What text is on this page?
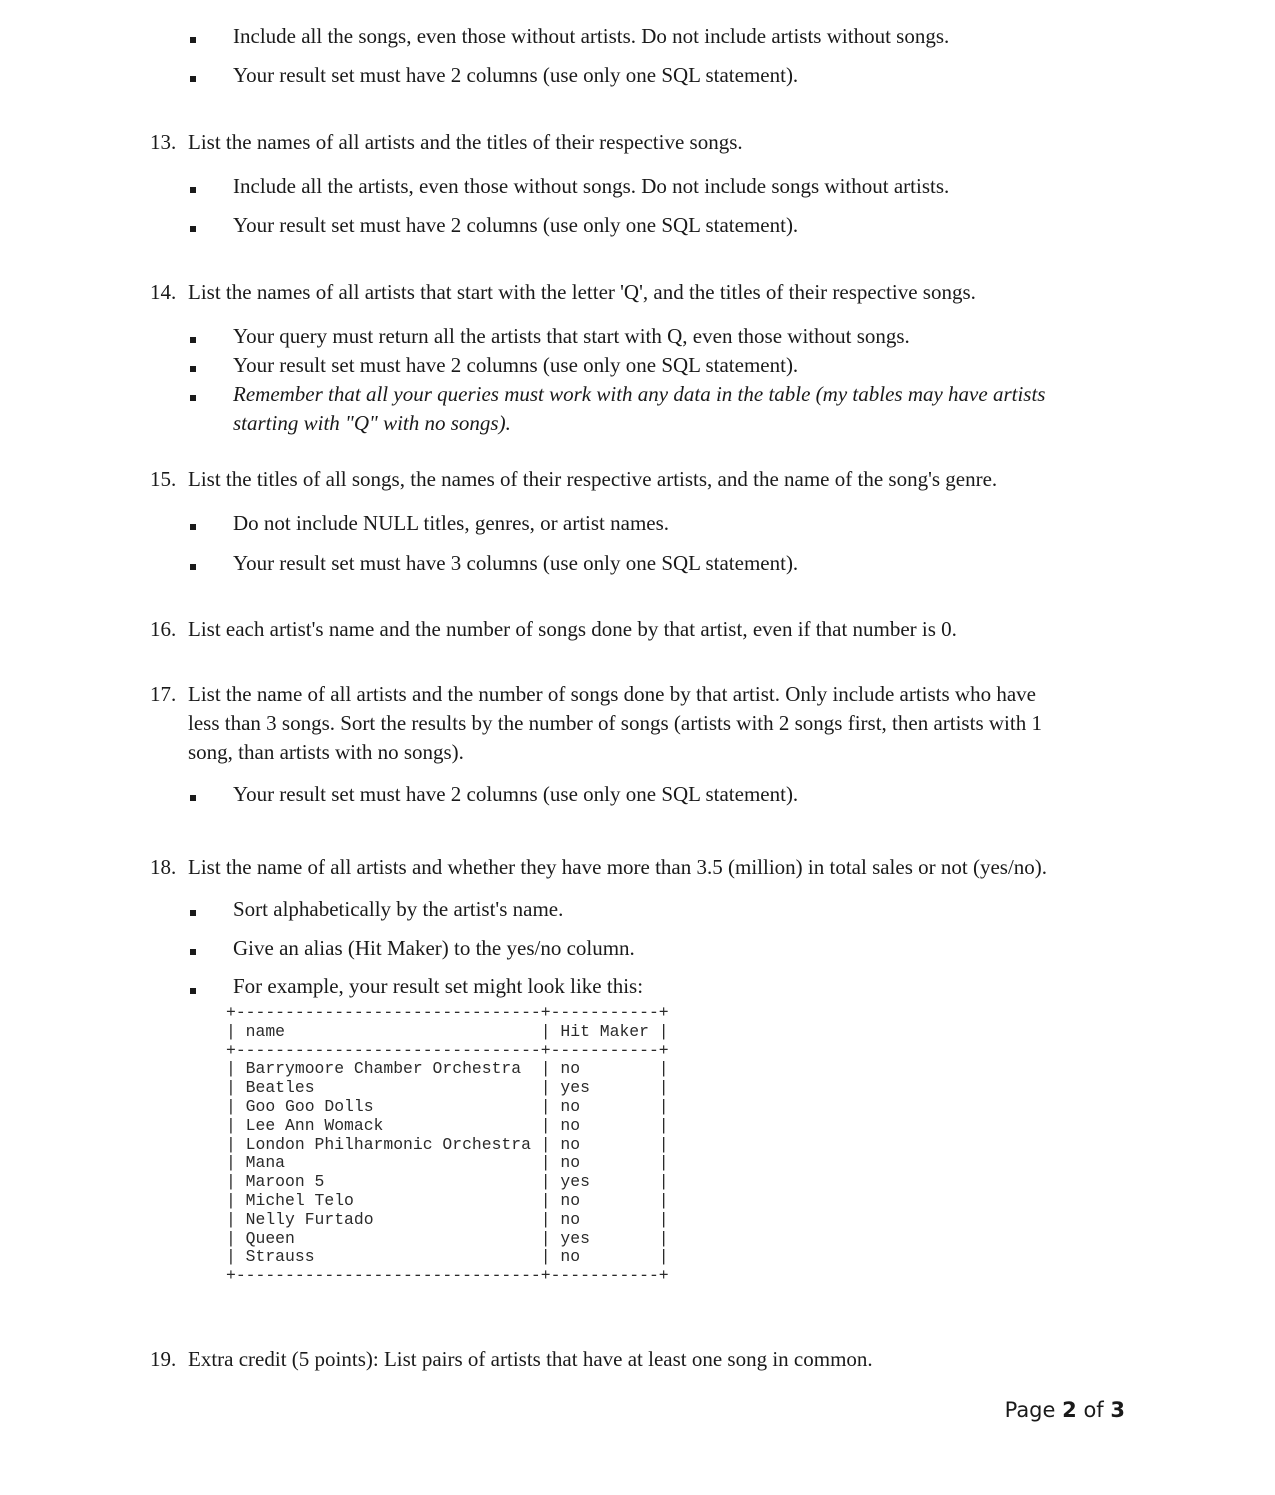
Include all the songs, even those without artists. Do not include artists without songs.
Your result set must have 2 columns (use only one SQL statement).
13. List the names of all artists and the titles of their respective songs.
Include all the artists, even those without songs. Do not include songs without artists.
Your result set must have 2 columns (use only one SQL statement).
14. List the names of all artists that start with the letter 'Q', and the titles of their respective songs.
Your query must return all the artists that start with Q, even those without songs.
Your result set must have 2 columns (use only one SQL statement).
Remember that all your queries must work with any data in the table (my tables may have artists
starting with "Q" with no songs).
15. List the titles of all songs, the names of their respective artists, and the name of the song's genre.
Do not include NULL titles, genres, or artist names.
Your result set must have 3 columns (use only one SQL statement).
16. List each artist's name and the number of songs done by that artist, even if that number is 0.
17. List the name of all artists and the number of songs done by that artist. Only include artists who have
less than 3 songs. Sort the results by the number of songs (artists with 2 songs first, then artists with 1
song, than artists with no songs).
Your result set must have 2 columns (use only one SQL statement).
18. List the name of all artists and whether they have more than 3.5 (million) in total sales or not (yes/no).
Sort alphabetically by the artist's name.
Give an alias (Hit Maker) to the yes/no column.
For example, your result set might look like this:
+-------------------------------+-----------+
| name                          | Hit Maker |
+-------------------------------+-----------+
| Barrymoore Chamber Orchestra  | no        |
| Beatles                       | yes       |
| Goo Goo Dolls                 | no        |
| Lee Ann Womack                | no        |
| London Philharmonic Orchestra | no        |
| Mana                          | no        |
| Maroon 5                      | yes       |
| Michel Telo                   | no        |
| Nelly Furtado                 | no        |
| Queen                         | yes       |
| Strauss                       | no        |
+-------------------------------+-----------+
19. Extra credit (5 points): List pairs of artists that have at least one song in common.
Page 2 of 3
